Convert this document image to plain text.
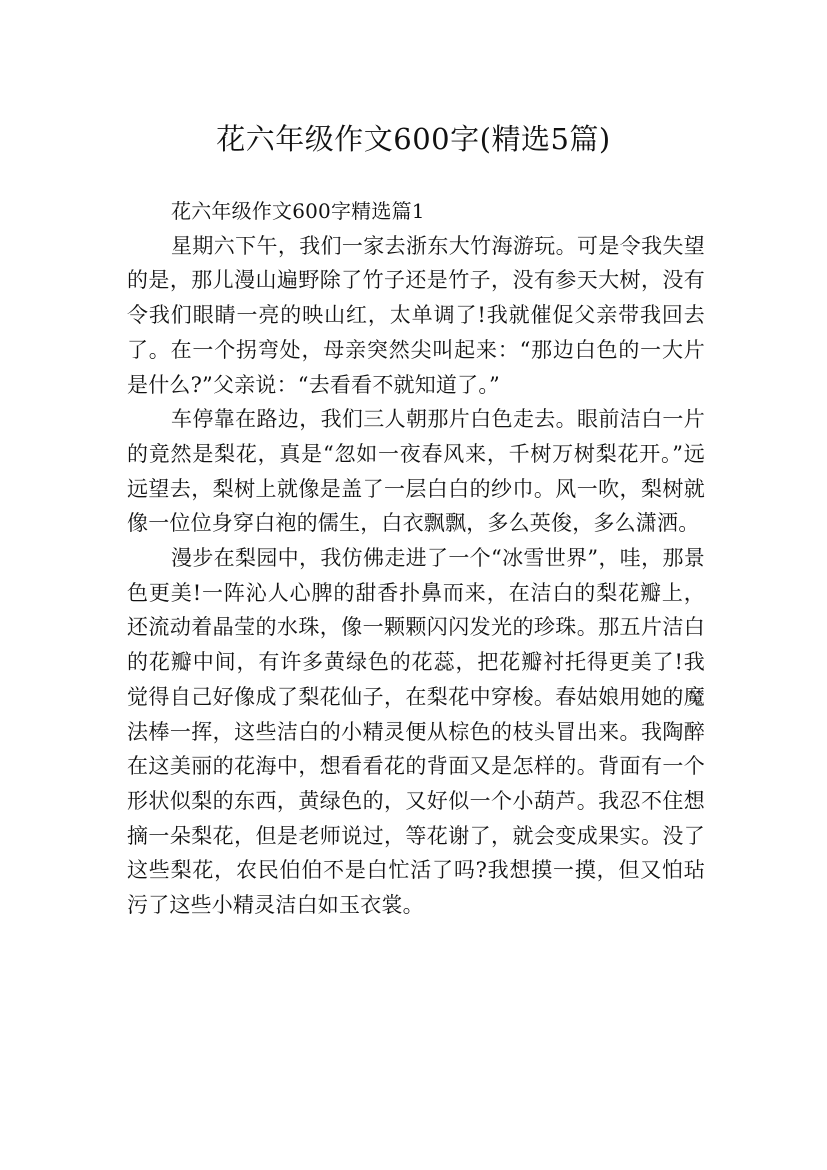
花六年级作文600字(精选5篇)

花六年级作文600字精选篇1

星期六下午，我们一家去浙东大竹海游玩。可是令我失望的是，那儿漫山遍野除了竹子还是竹子，没有参天大树，没有令我们眼睛一亮的映山红，太单调了!我就催促父亲带我回去了。在一个拐弯处，母亲突然尖叫起来：“那边白色的一大片是什么?”父亲说：“去看看不就知道了。”

车停靠在路边，我们三人朝那片白色走去。眼前洁白一片的竟然是梨花，真是“忽如一夜春风来，千树万树梨花开。”远远望去，梨树上就像是盖了一层白白的纱巾。风一吹，梨树就像一位位身穿白袍的儒生，白衣飘飘，多么英俊，多么潇洒。

漫步在梨园中，我仿佛走进了一个“冰雪世界”，哇，那景色更美!一阵沁人心脾的甜香扑鼻而来，在洁白的梨花瓣上，还流动着晶莹的水珠，像一颗颗闪闪发光的珍珠。那五片洁白的花瓣中间，有许多黄绿色的花蕊，把花瓣衬托得更美了!我觉得自己好像成了梨花仙子，在梨花中穿梭。春姑娘用她的魔法棒一挥，这些洁白的小精灵便从棕色的枝头冒出来。我陶醉在这美丽的花海中，想看看花的背面又是怎样的。背面有一个形状似梨的东西，黄绿色的，又好似一个小葫芦。我忍不住想摘一朵梨花，但是老师说过，等花谢了，就会变成果实。没了这些梨花，农民伯伯不是白忙活了吗?我想摸一摸，但又怕玷污了这些小精灵洁白如玉衣裳。
